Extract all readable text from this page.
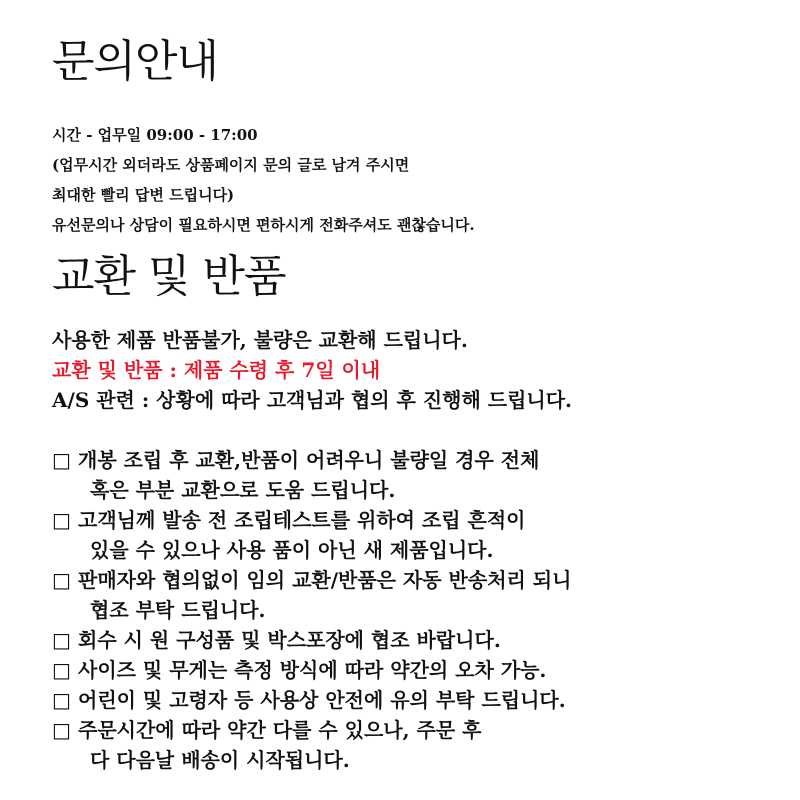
문의안내
시간 - 업무일 09:00 - 17:00
(업무시간 외더라도 상품페이지 문의 글로 남겨 주시면
최대한 빨리 답변 드립니다)
유선문의나 상담이 필요하시면 편하시게 전화주셔도 괜찮습니다.
교환 및 반품
사용한 제품 반품불가, 불량은 교환해 드립니다.
교환 및 반품 : 제품 수령 후 7일 이내
A/S 관련 : 상황에 따라 고객님과 협의 후 진행해 드립니다.
□ 개봉 조립 후 교환,반품이 어려우니 불량일 경우 전체
혹은 부분 교환으로 도움 드립니다.
□ 고객님께 발송 전 조립테스트를 위하여 조립 흔적이
있을 수 있으나 사용 품이 아닌 새 제품입니다.
□ 판매자와 협의없이 임의 교환/반품은 자동 반송처리 되니
협조 부탁 드립니다.
□ 회수 시 원 구성품 및 박스포장에 협조 바랍니다.
□ 사이즈 및 무게는 측정 방식에 따라 약간의 오차 가능.
□ 어린이 및 고령자 등 사용상 안전에 유의 부탁 드립니다.
□ 주문시간에 따라 약간 다를 수 있으나, 주문 후
다 다음날 배송이 시작됩니다.
